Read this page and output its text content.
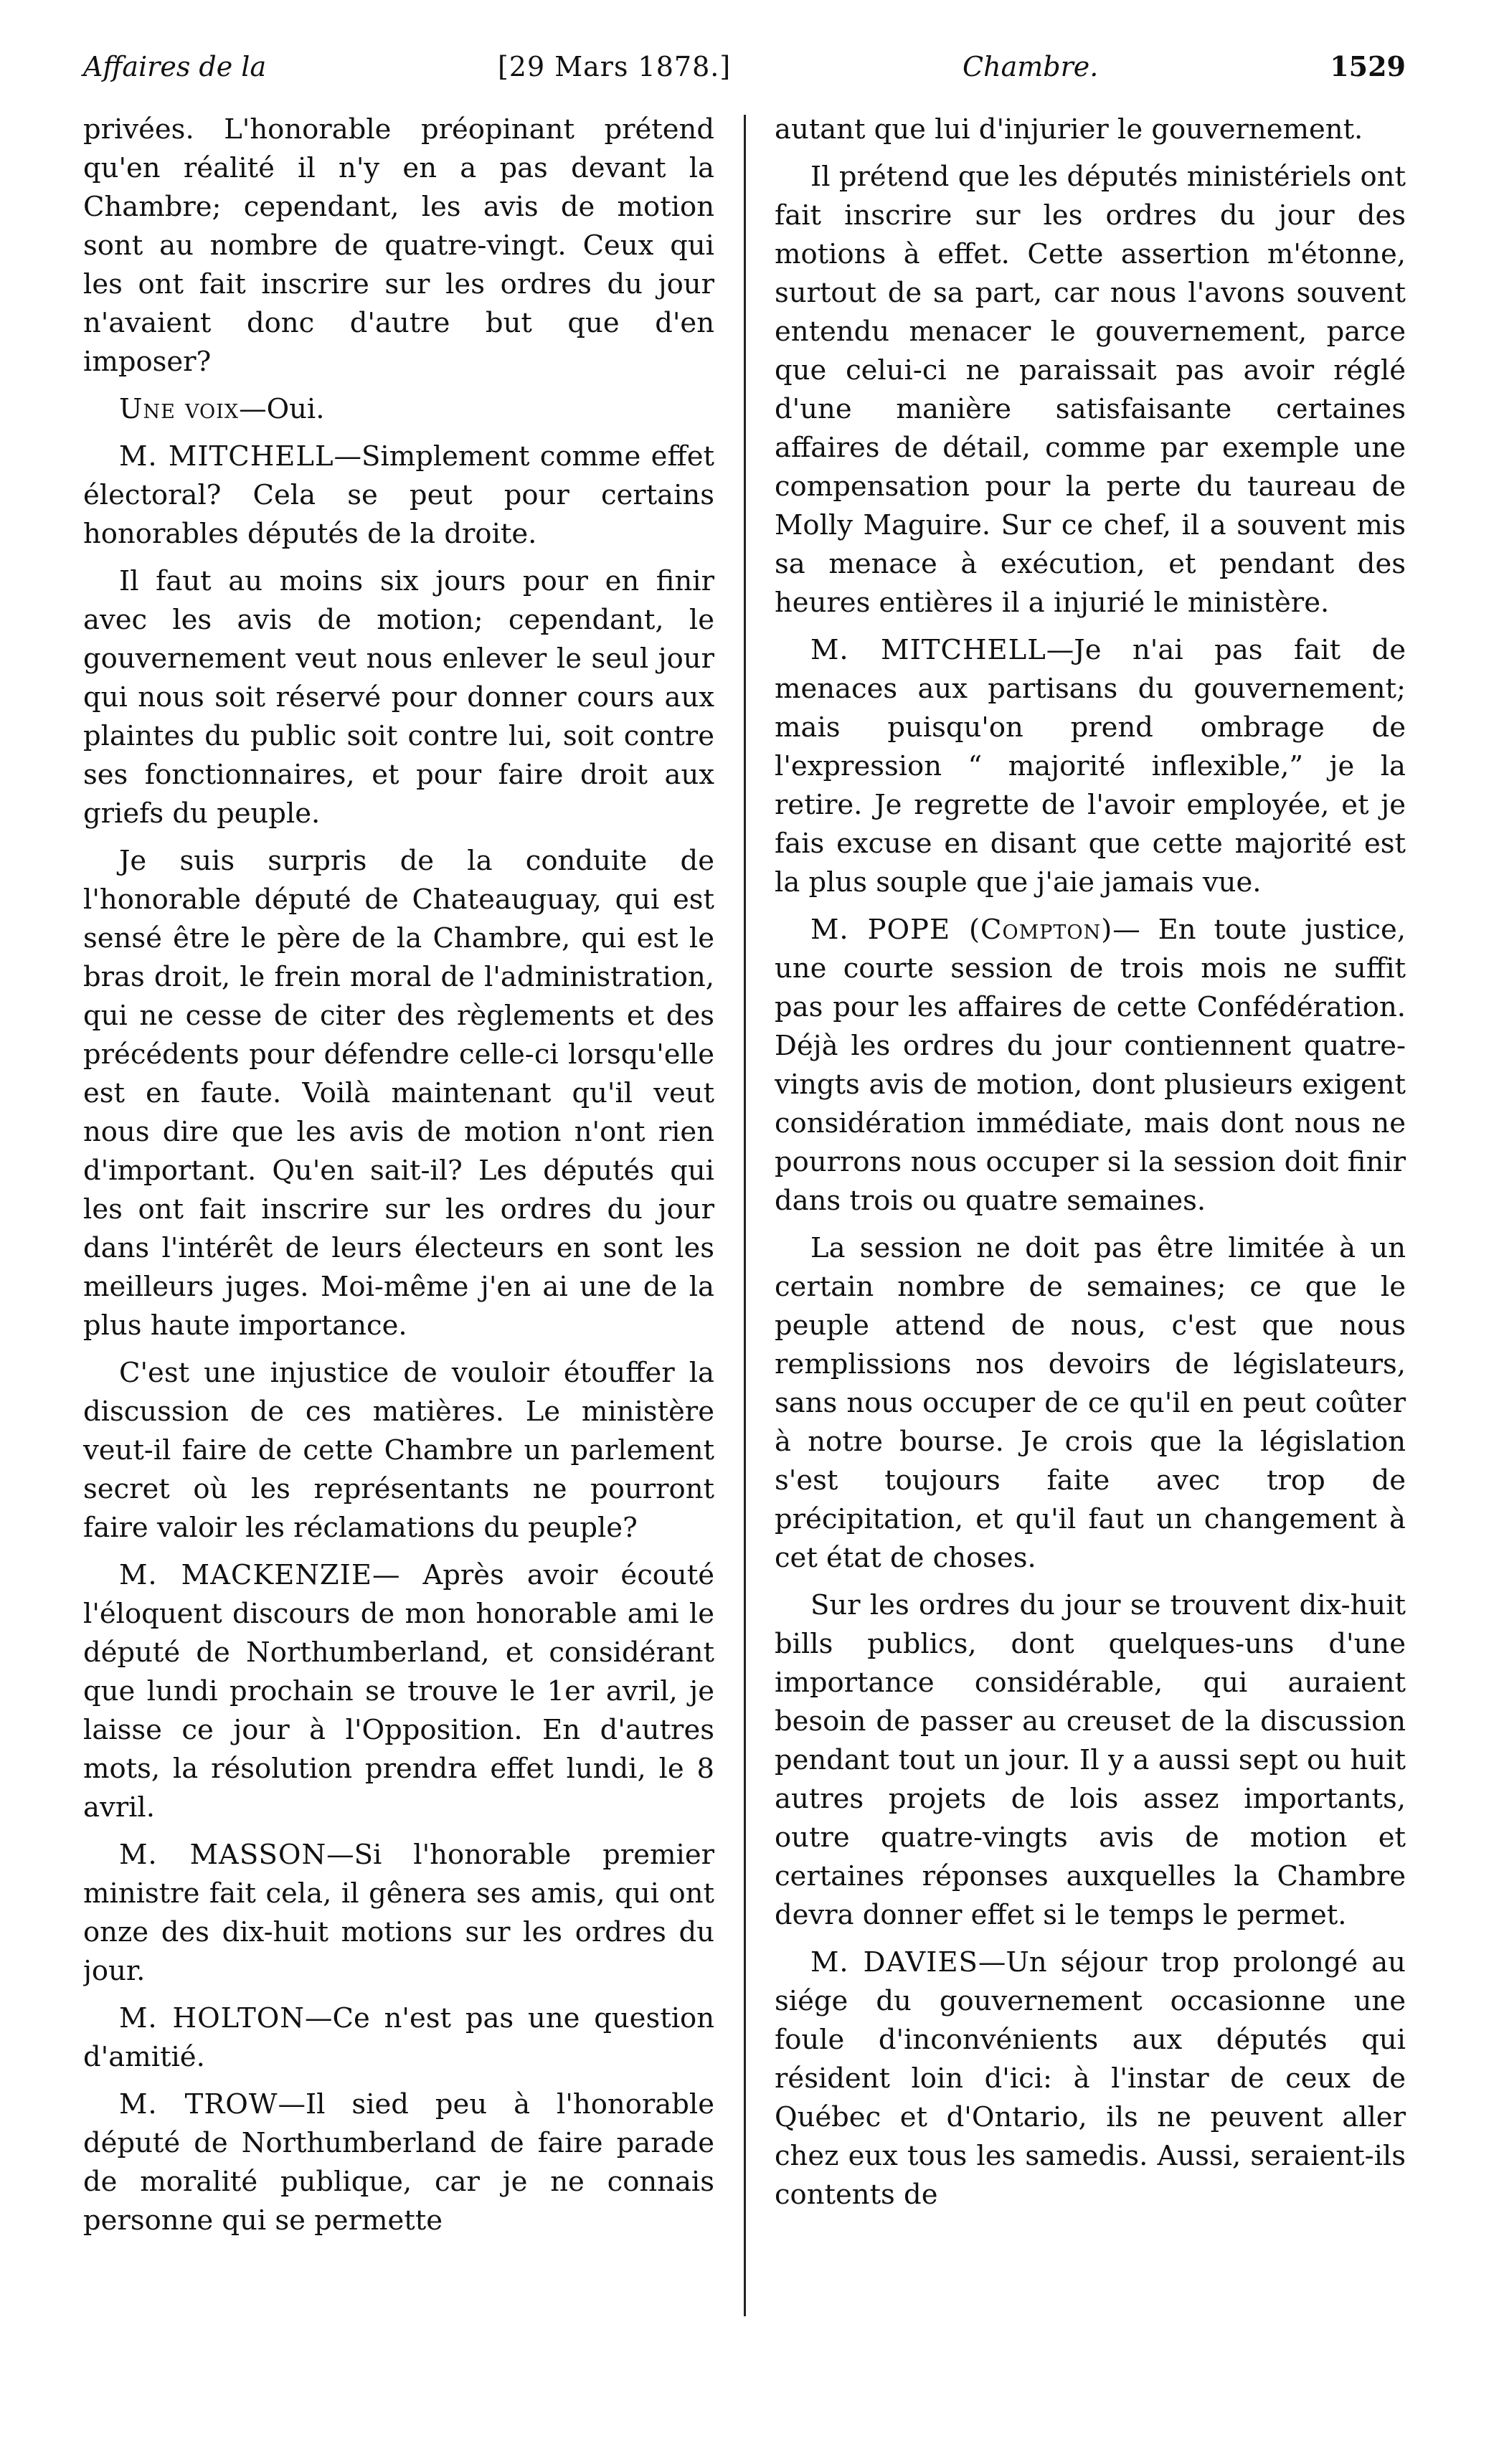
Affaires de la	[29 Mars 1878.]	Chambre.	1529

privées. L'honorable préopinant prétend qu'en réalité il n'y en a pas devant la Chambre; cependant, les avis de motion sont au nombre de quatre-vingt. Ceux qui les ont fait inscrire sur les ordres du jour n'avaient donc d'autre but que d'en imposer?

Une voix—Oui.

M. MITCHELL—Simplement comme effet électoral? Cela se peut pour certains honorables députés de la droite.

Il faut au moins six jours pour en finir avec les avis de motion; cependant, le gouvernement veut nous enlever le seul jour qui nous soit réservé pour donner cours aux plaintes du public soit contre lui, soit contre ses fonctionnaires, et pour faire droit aux griefs du peuple.

Je suis surpris de la conduite de l'honorable député de Chateauguay, qui est sensé être le père de la Chambre, qui est le bras droit, le frein moral de l'administration, qui ne cesse de citer des règlements et des précédents pour défendre celle-ci lorsqu'elle est en faute. Voilà maintenant qu'il veut nous dire que les avis de motion n'ont rien d'important. Qu'en sait-il? Les députés qui les ont fait inscrire sur les ordres du jour dans l'intérêt de leurs électeurs en sont les meilleurs juges. Moi-même j'en ai une de la plus haute importance.

C'est une injustice de vouloir étouffer la discussion de ces matières. Le ministère veut-il faire de cette Chambre un parlement secret où les représentants ne pourront faire valoir les réclamations du peuple?

M. MACKENZIE— Après avoir écouté l'éloquent discours de mon honorable ami le député de Northumberland, et considérant que lundi prochain se trouve le 1er avril, je laisse ce jour à l'Opposition. En d'autres mots, la résolution prendra effet lundi, le 8 avril.

M. MASSON—Si l'honorable premier ministre fait cela, il gênera ses amis, qui ont onze des dix-huit motions sur les ordres du jour.

M. HOLTON—Ce n'est pas une question d'amitié.

M. TROW—Il sied peu à l'honorable député de Northumberland de faire parade de moralité publique, car je ne connais personne qui se permette

autant que lui d'injurier le gouvernement.

Il prétend que les députés ministériels ont fait inscrire sur les ordres du jour des motions à effet. Cette assertion m'étonne, surtout de sa part, car nous l'avons souvent entendu menacer le gouvernement, parce que celui-ci ne paraissait pas avoir réglé d'une manière satisfaisante certaines affaires de détail, comme par exemple une compensation pour la perte du taureau de Molly Maguire. Sur ce chef, il a souvent mis sa menace à exécution, et pendant des heures entières il a injurié le ministère.

M. MITCHELL—Je n'ai pas fait de menaces aux partisans du gouvernement; mais puisqu'on prend ombrage de l'expression “ majorité inflexible,” je la retire. Je regrette de l'avoir employée, et je fais excuse en disant que cette majorité est la plus souple que j'aie jamais vue.

M. POPE (Compton)— En toute justice, une courte session de trois mois ne suffit pas pour les affaires de cette Confédération. Déjà les ordres du jour contiennent quatre-vingts avis de motion, dont plusieurs exigent considération immédiate, mais dont nous ne pourrons nous occuper si la session doit finir dans trois ou quatre semaines.

La session ne doit pas être limitée à un certain nombre de semaines; ce que le peuple attend de nous, c'est que nous remplissions nos devoirs de législateurs, sans nous occuper de ce qu'il en peut coûter à notre bourse. Je crois que la législation s'est toujours faite avec trop de précipitation, et qu'il faut un changement à cet état de choses.

Sur les ordres du jour se trouvent dix-huit bills publics, dont quelques-uns d'une importance considérable, qui auraient besoin de passer au creuset de la discussion pendant tout un jour. Il y a aussi sept ou huit autres projets de lois assez importants, outre quatre-vingts avis de motion et certaines réponses auxquelles la Chambre devra donner effet si le temps le permet.

M. DAVIES—Un séjour trop prolongé au siége du gouvernement occasionne une foule d'inconvénients aux députés qui résident loin d'ici: à l'instar de ceux de Québec et d'Ontario, ils ne peuvent aller chez eux tous les samedis. Aussi, seraient-ils contents de
